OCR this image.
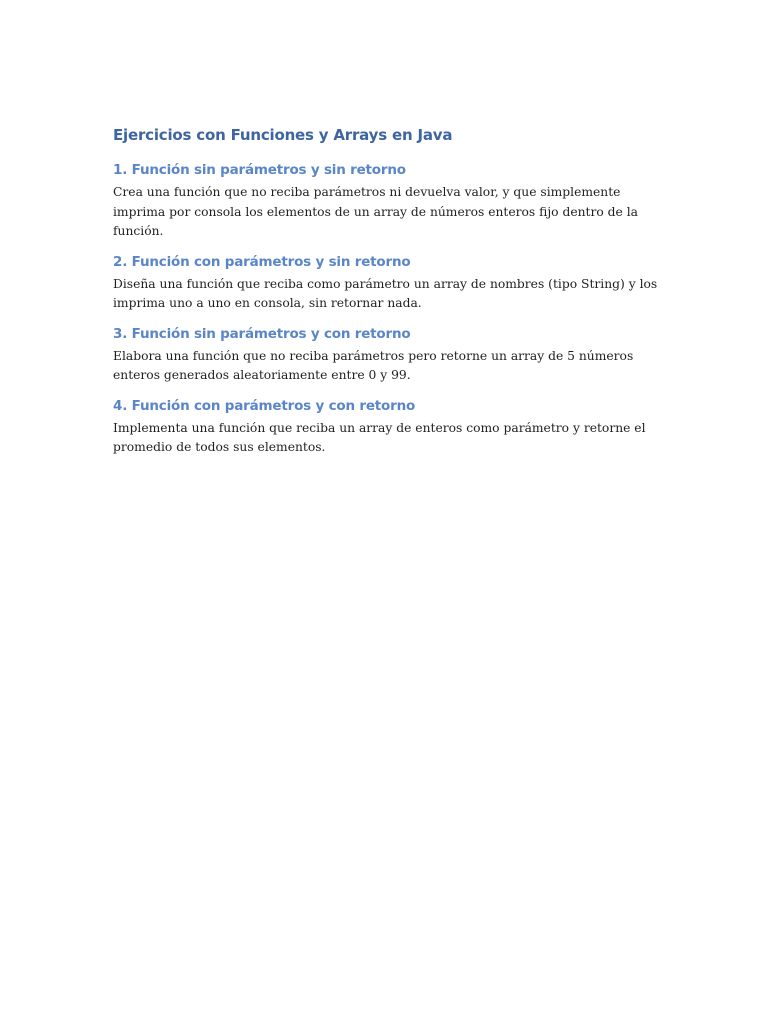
Ejercicios con Funciones y Arrays en Java
1. Función sin parámetros y sin retorno

Crea una función que no reciba parámetros ni devuelva valor, y que simplemente imprima por consola los elementos de un array de números enteros fijo dentro de la función.

2. Función con parámetros y sin retorno

Diseña una función que reciba como parámetro un array de nombres (tipo String) y los imprima uno a uno en consola, sin retornar nada.

3. Función sin parámetros y con retorno

Elabora una función que no reciba parámetros pero retorne un array de 5 números enteros generados aleatoriamente entre 0 y 99.

4. Función con parámetros y con retorno

Implementa una función que reciba un array de enteros como parámetro y retorne el promedio de todos sus elementos.
